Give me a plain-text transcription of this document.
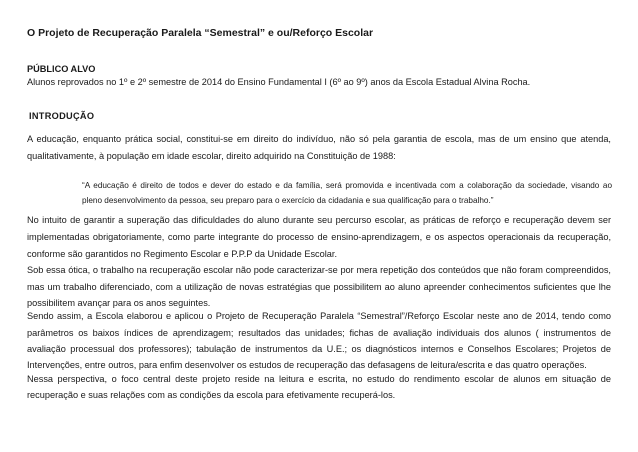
O Projeto de Recuperação Paralela “Semestral” e ou/Reforço Escolar
PÚBLICO ALVO
Alunos reprovados no 1º e 2º semestre de 2014 do Ensino Fundamental I (6º ao 9º) anos da Escola Estadual Alvina Rocha.
INTRODUÇÃO
A educação, enquanto prática social, constitui-se em direito do indivíduo, não só pela garantia de escola, mas de um ensino que atenda,
qualitativamente, à população em idade escolar, direito adquirido na Constituição de 1988:
“A educação é direito de todos e dever do estado e da família, será promovida e incentivada com a colaboração da sociedade, visando ao
pleno desenvolvimento da pessoa, seu preparo para o exercício da cidadania e sua qualificação para o trabalho.”
No intuito de garantir a superação das dificuldades do aluno durante seu percurso escolar, as práticas de reforço e recuperação devem ser
implementadas obrigatoriamente, como parte integrante do processo de ensino-aprendizagem, e os aspectos operacionais da recuperação,
conforme são garantidos no Regimento Escolar e P.P.P da Unidade Escolar.
Sob essa ótica, o trabalho na recuperação escolar não pode caracterizar-se por mera repetição dos conteúdos que não foram compreendidos,
mas um trabalho diferenciado, com a utilização de novas estratégias que possibilitem ao aluno apreender conhecimentos suficientes que lhe
possibilitem avançar para os anos seguintes.
Sendo assim, a Escola elaborou e aplicou o Projeto de Recuperação Paralela “Semestral”/Reforço Escolar neste ano de 2014, tendo como
parâmetros os baixos índices de aprendizagem; resultados das unidades; fichas de avaliação individuais dos alunos ( instrumentos de
avaliação processual dos professores); tabulação de instrumentos da U.E.; os diagnósticos internos e Conselhos Escolares; Projetos de
Intervenções, entre outros, para enfim desenvolver os estudos de recuperação das defasagens de leitura/escrita e das quatro operações.
Nessa perspectiva, o foco central deste projeto reside na leitura e escrita, no estudo do rendimento escolar de alunos em situação de
recuperação e suas relações com as condições da escola para efetivamente recuperá-los.
